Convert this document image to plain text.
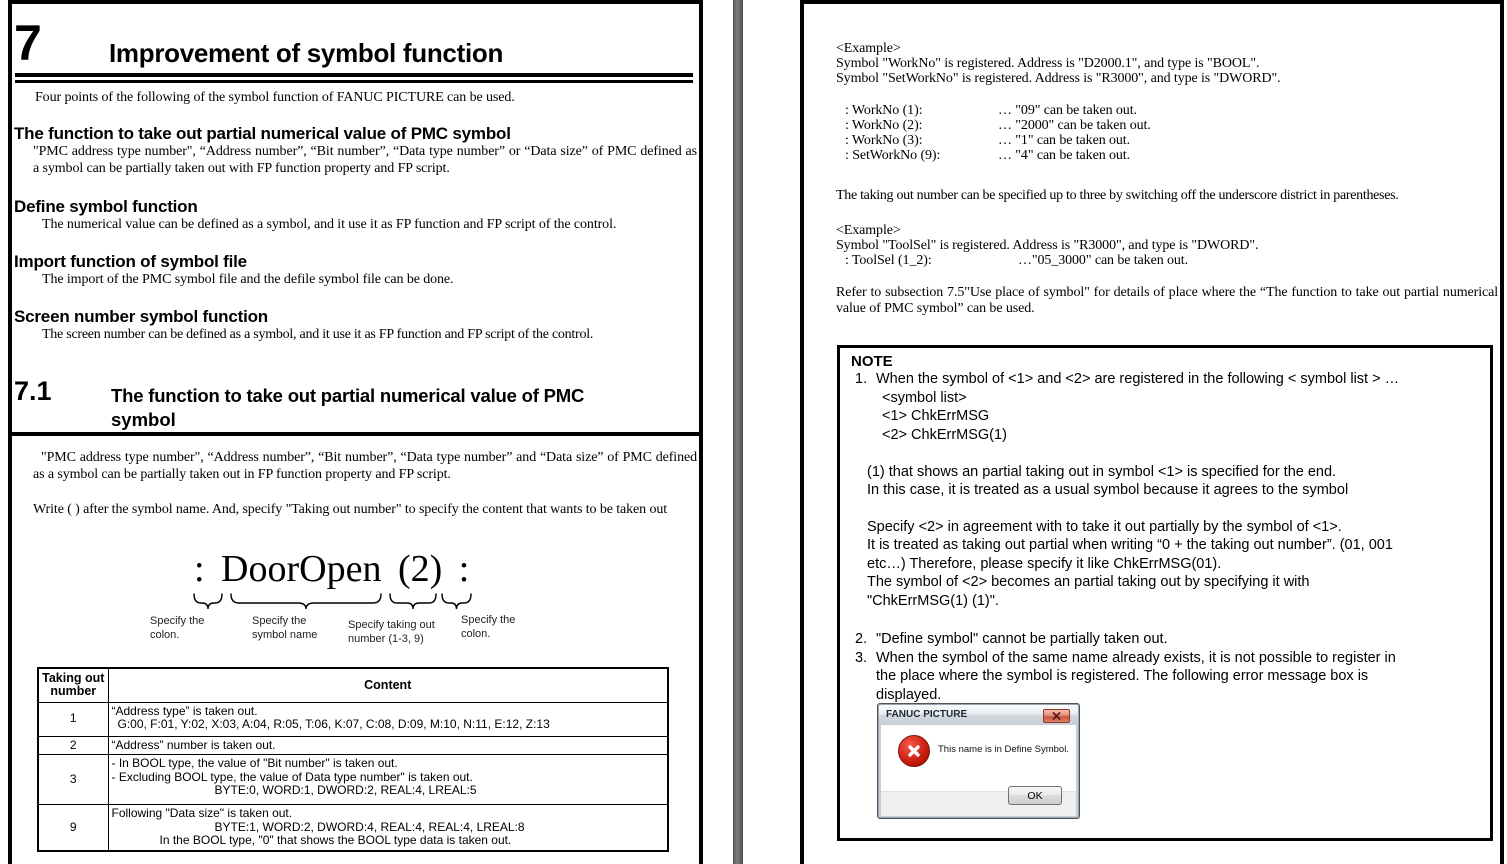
7	Improvement of symbol function
Four points of the following of the symbol function of FANUC PICTURE can be used.
The function to take out partial numerical value of PMC symbol
"PMC address type number", “Address number”, “Bit number”, “Data type number” or “Data size” of PMC defined as a symbol can be partially taken out with FP function property and FP script.
Define symbol function
The numerical value can be defined as a symbol, and it use it as FP function and FP script of the control.
Import function of symbol file
The import of the PMC symbol file and the defile symbol file can be done.
Screen number symbol function
The screen number can be defined as a symbol, and it use it as FP function and FP script of the control.
7.1	The function to take out partial numerical value of PMC
symbol
"PMC address type number", “Address number”, “Bit number”, “Data type number” and “Data size” of PMC defined as a symbol can be partially taken out in FP function property and FP script.
Write ( ) after the symbol name. And, specify "Taking out number" to specify the content that wants to be taken out
: DoorOpen (2) :
Specify the colon.
Specify the symbol name
Specify taking out number (1-3, 9)
Specify the colon.
Taking out number	Content
1	“Address type” is taken out.
G:00, F:01, Y:02, X:03, A:04, R:05, T:06, K:07, C:08, D:09, M:10, N:11, E:12, Z:13

2	“Address” number is taken out.

3	- In BOOL type, the value of "Bit number" is taken out.
- Excluding BOOL type, the value of Data type number" is taken out.
BYTE:0, WORD:1, DWORD:2, REAL:4, LREAL:5

9	Following "Data size" is taken out.
BYTE:1, WORD:2, DWORD:4, REAL:4, REAL:4, LREAL:8
In the BOOL type, "0" that shows the BOOL type data is taken out.
<Example>
Symbol "WorkNo" is registered. Address is "D2000.1", and type is "BOOL".
Symbol "SetWorkNo" is registered. Address is "R3000", and type is "DWORD".
: WorkNo (1):	… "09" can be taken out.
: WorkNo (2):	… "2000" can be taken out.
: WorkNo (3):	… "1" can be taken out.
: SetWorkNo (9):	… "4" can be taken out.
The taking out number can be specified up to three by switching off the underscore district in parentheses.
<Example>
Symbol "ToolSel" is registered. Address is "R3000", and type is "DWORD".
: ToolSel (1_2):	…"05_3000" can be taken out.
Refer to subsection 7.5"Use place of symbol" for details of place where the “The function to take out partial numerical value of PMC symbol” can be used.
NOTE
1. When the symbol of <1> and <2> are registered in the following < symbol list > …
<symbol list>
<1> ChkErrMSG
<2> ChkErrMSG(1)
(1) that shows an partial taking out in symbol <1> is specified for the end.
In this case, it is treated as a usual symbol because it agrees to the symbol
Specify <2> in agreement with to take it out partially by the symbol of <1>.
It is treated as taking out partial when writing “0 + the taking out number”. (01, 001
etc…) Therefore, please specify it like ChkErrMSG(01).
The symbol of <2> becomes an partial taking out by specifying it with
"ChkErrMSG(1) (1)".
2. "Define symbol" cannot be partially taken out.
3. When the symbol of the same name already exists, it is not possible to register in
the place where the symbol is registered. The following error message box is
displayed.
FANUC PICTURE
This name is in Define Symbol.
OK
